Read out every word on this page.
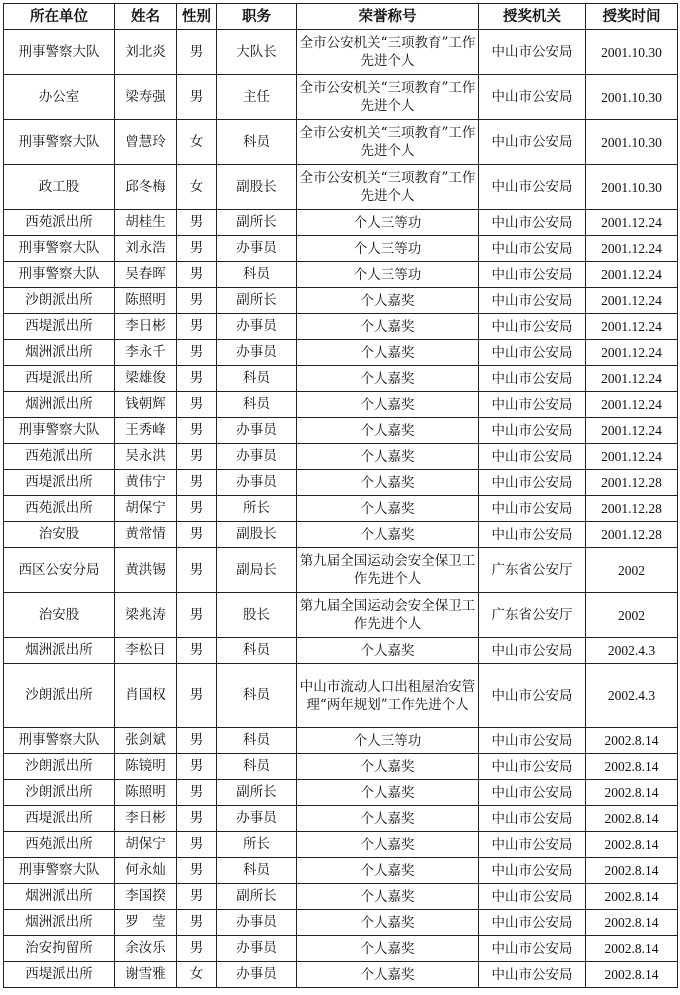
所在单位	姓名	性别	职务	荣誉称号	授奖机关	授奖时间
刑事警察大队	刘北炎	男	大队长	全市公安机关“三项教育”工作先进个人	中山市公安局	2001.10.30
办公室	梁寿强	男	主任	全市公安机关“三项教育”工作先进个人	中山市公安局	2001.10.30
刑事警察大队	曾慧玲	女	科员	全市公安机关“三项教育”工作先进个人	中山市公安局	2001.10.30
政工股	邱冬梅	女	副股长	全市公安机关“三项教育”工作先进个人	中山市公安局	2001.10.30
西苑派出所	胡桂生	男	副所长	个人三等功	中山市公安局	2001.12.24
刑事警察大队	刘永浩	男	办事员	个人三等功	中山市公安局	2001.12.24
刑事警察大队	吴春晖	男	科员	个人三等功	中山市公安局	2001.12.24
沙朗派出所	陈照明	男	副所长	个人嘉奖	中山市公安局	2001.12.24
西堤派出所	李日彬	男	办事员	个人嘉奖	中山市公安局	2001.12.24
烟洲派出所	李永千	男	办事员	个人嘉奖	中山市公安局	2001.12.24
西堤派出所	梁雄俊	男	科员	个人嘉奖	中山市公安局	2001.12.24
烟洲派出所	钱朝辉	男	科员	个人嘉奖	中山市公安局	2001.12.24
刑事警察大队	王秀峰	男	办事员	个人嘉奖	中山市公安局	2001.12.24
西苑派出所	吴永洪	男	办事员	个人嘉奖	中山市公安局	2001.12.24
西堤派出所	黄伟宁	男	办事员	个人嘉奖	中山市公安局	2001.12.28
西苑派出所	胡保宁	男	所长	个人嘉奖	中山市公安局	2001.12.28
治安股	黄常情	男	副股长	个人嘉奖	中山市公安局	2001.12.28
西区公安分局	黄洪锡	男	副局长	第九届全国运动会安全保卫工作先进个人	广东省公安厅	2002
治安股	梁兆涛	男	股长	第九届全国运动会安全保卫工作先进个人	广东省公安厅	2002
烟洲派出所	李松日	男	科员	个人嘉奖	中山市公安局	2002.4.3
沙朗派出所	肖国权	男	科员	中山市流动人口出租屋治安管理“两年规划”工作先进个人	中山市公安局	2002.4.3
刑事警察大队	张剑斌	男	科员	个人三等功	中山市公安局	2002.8.14
沙朗派出所	陈镜明	男	科员	个人嘉奖	中山市公安局	2002.8.14
沙朗派出所	陈照明	男	副所长	个人嘉奖	中山市公安局	2002.8.14
西堤派出所	李日彬	男	办事员	个人嘉奖	中山市公安局	2002.8.14
西苑派出所	胡保宁	男	所长	个人嘉奖	中山市公安局	2002.8.14
刑事警察大队	何永灿	男	科员	个人嘉奖	中山市公安局	2002.8.14
烟洲派出所	李国揆	男	副所长	个人嘉奖	中山市公安局	2002.8.14
烟洲派出所	罗　莹	男	办事员	个人嘉奖	中山市公安局	2002.8.14
治安拘留所	余汝乐	男	办事员	个人嘉奖	中山市公安局	2002.8.14
西堤派出所	谢雪雅	女	办事员	个人嘉奖	中山市公安局	2002.8.14
